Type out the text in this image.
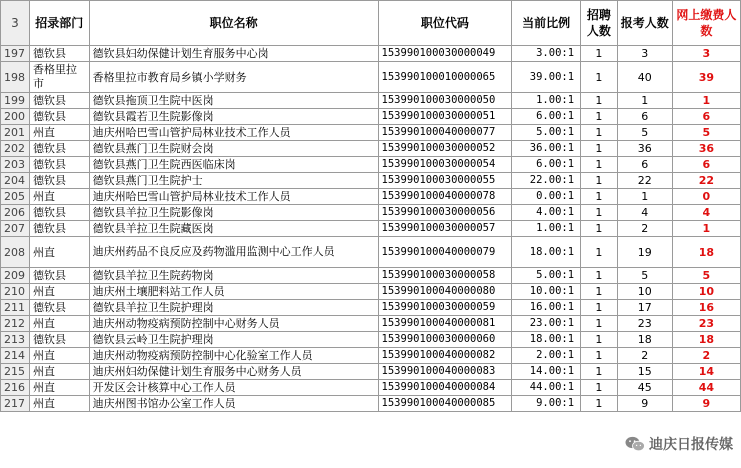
3	招录部门	职位名称	职位代码	当前比例	招聘人数	报考人数	网上缴费人数
197	德钦县	德钦县妇幼保健计划生育服务中心岗	153990100030000049	3.00:1	1	3	3
198	香格里拉市	香格里拉市教育局乡镇小学财务	153990100010000065	39.00:1	1	40	39
199	德钦县	德钦县拖顶卫生院中医岗	153990100030000050	1.00:1	1	1	1
200	德钦县	德钦县霞若卫生院影像岗	153990100030000051	6.00:1	1	6	6
201	州直	迪庆州哈巴雪山管护局林业技术工作人员	153990100040000077	5.00:1	1	5	5
202	德钦县	德钦县燕门卫生院财会岗	153990100030000052	36.00:1	1	36	36
203	德钦县	德钦县燕门卫生院西医临床岗	153990100030000054	6.00:1	1	6	6
204	德钦县	德钦县燕门卫生院护士	153990100030000055	22.00:1	1	22	22
205	州直	迪庆州哈巴雪山管护局林业技术工作人员	153990100040000078	0.00:1	1	1	0
206	德钦县	德钦县羊拉卫生院影像岗	153990100030000056	4.00:1	1	4	4
207	德钦县	德钦县羊拉卫生院藏医岗	153990100030000057	1.00:1	1	2	1
208	州直	迪庆州药品不良反应及药物滥用监测中心工作人员	153990100040000079	18.00:1	1	19	18
209	德钦县	德钦县羊拉卫生院药物岗	153990100030000058	5.00:1	1	5	5
210	州直	迪庆州土壤肥料站工作人员	153990100040000080	10.00:1	1	10	10
211	德钦县	德钦县羊拉卫生院护理岗	153990100030000059	16.00:1	1	17	16
212	州直	迪庆州动物疫病预防控制中心财务人员	153990100040000081	23.00:1	1	23	23
213	德钦县	德钦县云岭卫生院护理岗	153990100030000060	18.00:1	1	18	18
214	州直	迪庆州动物疫病预防控制中心化验室工作人员	153990100040000082	2.00:1	1	2	2
215	州直	迪庆州妇幼保健计划生育服务中心财务人员	153990100040000083	14.00:1	1	15	14
216	州直	开发区会计核算中心工作人员	153990100040000084	44.00:1	1	45	44
217	州直	迪庆州图书馆办公室工作人员	153990100040000085	9.00:1	1	9	9
迪庆日报传媒
